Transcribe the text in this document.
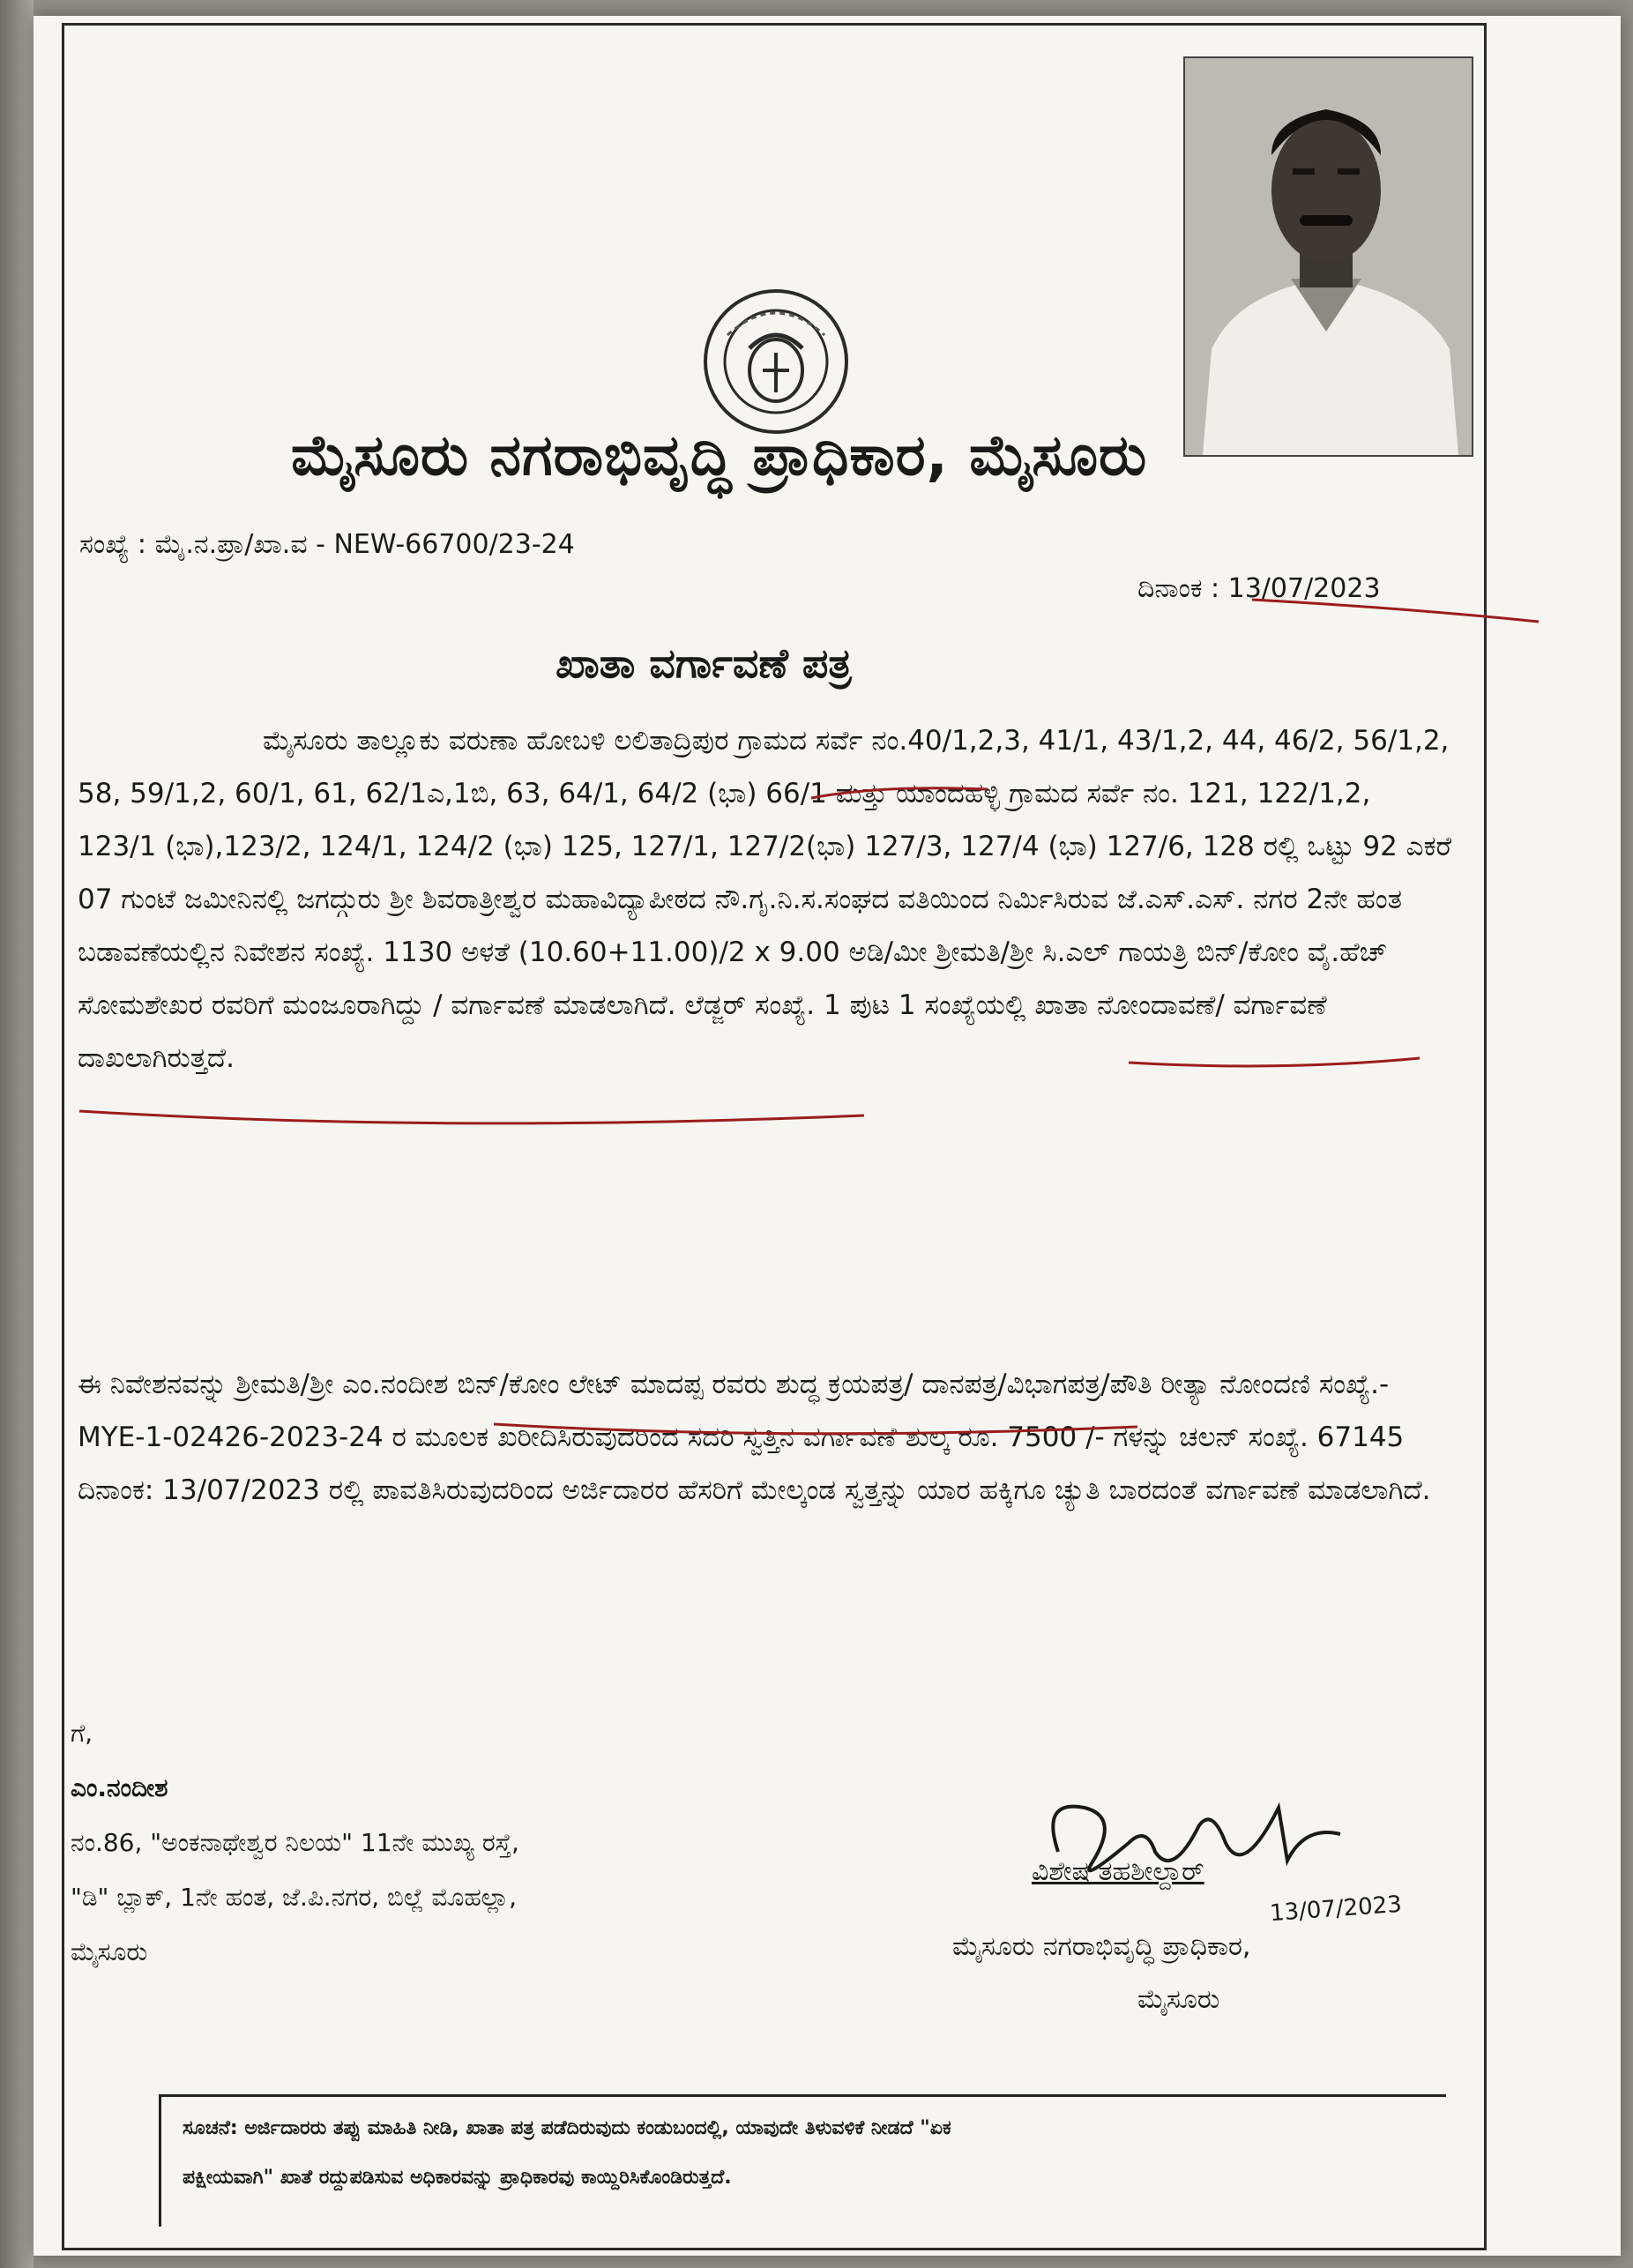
ಮೈಸೂರು ನಗರಾಭಿವೃದ್ಧಿ ಪ್ರಾಧಿಕಾರ, ಮೈಸೂರು
ಸಂಖ್ಯೆ : ಮೈ.ನ.ಪ್ರಾ/ಖಾ.ವ - NEW-66700/23-24
ದಿನಾಂಕ : 13/07/2023
ಖಾತಾ ವರ್ಗಾವಣೆ ಪತ್ರ
ಮೈಸೂರು ತಾಲ್ಲೂಕು ವರುಣಾ ಹೋಬಳಿ ಲಲಿತಾದ್ರಿಪುರ ಗ್ರಾಮದ ಸರ್ವೆ ನಂ.40/1,2,3, 41/1, 43/1,2, 44, 46/2, 56/1,2, 58, 59/1,2, 60/1, 61, 62/1ಎ,1ಬಿ, 63, 64/1, 64/2 (ಭಾ) 66/1 ಮತ್ತು ಯಾಂದಹಳ್ಳಿ ಗ್ರಾಮದ ಸರ್ವೆ ನಂ. 121, 122/1,2, 123/1 (ಭಾ),123/2, 124/1, 124/2 (ಭಾ) 125, 127/1, 127/2(ಭಾ) 127/3, 127/4 (ಭಾ) 127/6, 128 ರಲ್ಲಿ ಒಟ್ಟು 92 ಎಕರೆ 07 ಗುಂಟೆ ಜಮೀನಿನಲ್ಲಿ ಜಗದ್ಗುರು ಶ್ರೀ ಶಿವರಾತ್ರೀಶ್ವರ ಮಹಾವಿದ್ಯಾಪೀಠದ ನೌ.ಗೃ.ನಿ.ಸ.ಸಂಘದ ವತಿಯಿಂದ ನಿರ್ಮಿಸಿರುವ ಜೆ.ಎಸ್.ಎಸ್. ನಗರ 2ನೇ ಹಂತ ಬಡಾವಣೆಯಲ್ಲಿನ ನಿವೇಶನ ಸಂಖ್ಯೆ. 1130 ಅಳತೆ (10.60+11.00)/2 x 9.00 ಅಡಿ/ಮೀ ಶ್ರೀಮತಿ/ಶ್ರೀ ಸಿ.ಎಲ್ ಗಾಯತ್ರಿ ಬಿನ್/ಕೋಂ ವೈ.ಹೆಚ್ ಸೋಮಶೇಖರ ರವರಿಗೆ ಮಂಜೂರಾಗಿದ್ದು / ವರ್ಗಾವಣೆ ಮಾಡಲಾಗಿದೆ. ಲೆಡ್ಜರ್ ಸಂಖ್ಯೆ. 1 ಪುಟ 1 ಸಂಖ್ಯೆಯಲ್ಲಿ ಖಾತಾ ನೋಂದಾವಣೆ/ ವರ್ಗಾವಣೆ ದಾಖಲಾಗಿರುತ್ತದೆ.
ಈ ನಿವೇಶನವನ್ನು ಶ್ರೀಮತಿ/ಶ್ರೀ ಎಂ.ನಂದೀಶ ಬಿನ್/ಕೋಂ ಲೇಟ್ ಮಾದಪ್ಪ ರವರು ಶುದ್ಧ ಕ್ರಯಪತ್ರ/ ದಾನಪತ್ರ/ವಿಭಾಗಪತ್ರ/ಪೌತಿ ರೀತ್ಯಾ ನೋಂದಣಿ ಸಂಖ್ಯೆ.- MYE-1-02426-2023-24 ರ ಮೂಲಕ ಖರೀದಿಸಿರುವುದರಿಂದ ಸದರಿ ಸ್ವತ್ತಿನ ವರ್ಗಾವಣೆ ಶುಲ್ಕ ರೂ. 7500 /- ಗಳನ್ನು ಚಲನ್ ಸಂಖ್ಯೆ. 67145 ದಿನಾಂಕ: 13/07/2023 ರಲ್ಲಿ ಪಾವತಿಸಿರುವುದರಿಂದ ಅರ್ಜಿದಾರರ ಹೆಸರಿಗೆ ಮೇಲ್ಕಂಡ ಸ್ವತ್ತನ್ನು ಯಾರ ಹಕ್ಕಿಗೂ ಚ್ಯುತಿ ಬಾರದಂತೆ ವರ್ಗಾವಣೆ ಮಾಡಲಾಗಿದೆ.
ಗೆ,
ಎಂ.ನಂದೀಶ
ನಂ.86, "ಅಂಕನಾಥೇಶ್ವರ ನಿಲಯ" 11ನೇ ಮುಖ್ಯ ರಸ್ತೆ,
"ಡಿ" ಬ್ಲಾಕ್, 1ನೇ ಹಂತ, ಜೆ.ಪಿ.ನಗರ, ಬಿಲ್ಲೆ ಮೊಹಲ್ಲಾ,
ಮೈಸೂರು
ವಿಶೇಷ ತಹಶೀಲ್ದಾರ್
13/07/2023
ಮೈಸೂರು ನಗರಾಭಿವೃದ್ಧಿ ಪ್ರಾಧಿಕಾರ,
ಮೈಸೂರು
ಸೂಚನೆ: ಅರ್ಜಿದಾರರು ತಪ್ಪು ಮಾಹಿತಿ ನೀಡಿ, ಖಾತಾ ಪತ್ರ ಪಡೆದಿರುವುದು ಕಂಡುಬಂದಲ್ಲಿ, ಯಾವುದೇ ತಿಳುವಳಿಕೆ ನೀಡದೆ "ಏಕ
ಪಕ್ಷೀಯವಾಗಿ" ಖಾತೆ ರದ್ದುಪಡಿಸುವ ಅಧಿಕಾರವನ್ನು ಪ್ರಾಧಿಕಾರವು ಕಾಯ್ದಿರಿಸಿಕೊಂಡಿರುತ್ತದೆ.
